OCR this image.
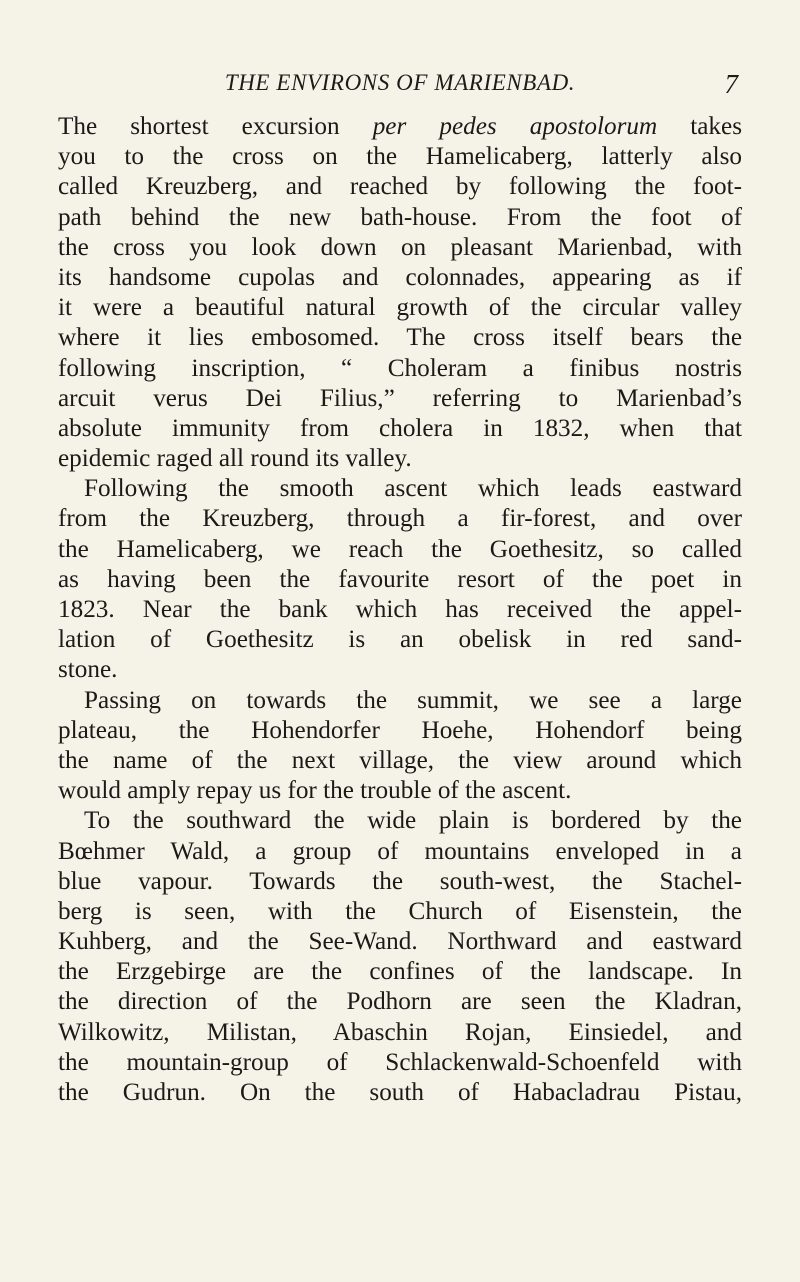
THE ENVIRONS OF MARIENBAD.	7
The shortest excursion per pedes apostolorum takes
you to the cross on the Hamelicaberg, latterly also
called Kreuzberg, and reached by following the foot-
path behind the new bath-house. From the foot of
the cross you look down on pleasant Marienbad, with
its handsome cupolas and colonnades, appearing as if
it were a beautiful natural growth of the circular valley
where it lies embosomed. The cross itself bears the
following inscription, “ Choleram a finibus nostris
arcuit verus Dei Filius,” referring to Marienbad’s
absolute immunity from cholera in 1832, when that
epidemic raged all round its valley.
Following the smooth ascent which leads eastward
from the Kreuzberg, through a fir-forest, and over
the Hamelicaberg, we reach the Goethesitz, so called
as having been the favourite resort of the poet in
1823. Near the bank which has received the appel-
lation of Goethesitz is an obelisk in red sand-
stone.
Passing on towards the summit, we see a large
plateau, the Hohendorfer Hoehe, Hohendorf being
the name of the next village, the view around which
would amply repay us for the trouble of the ascent.
To the southward the wide plain is bordered by the
Bœhmer Wald, a group of mountains enveloped in a
blue vapour. Towards the south-west, the Stachel-
berg is seen, with the Church of Eisenstein, the
Kuhberg, and the See-Wand. Northward and eastward
the Erzgebirge are the confines of the landscape. In
the direction of the Podhorn are seen the Kladran,
Wilkowitz, Milistan, Abaschin Rojan, Einsiedel, and
the mountain-group of Schlackenwald-Schoenfeld with
the Gudrun. On the south of Habacladrau Pistau,
